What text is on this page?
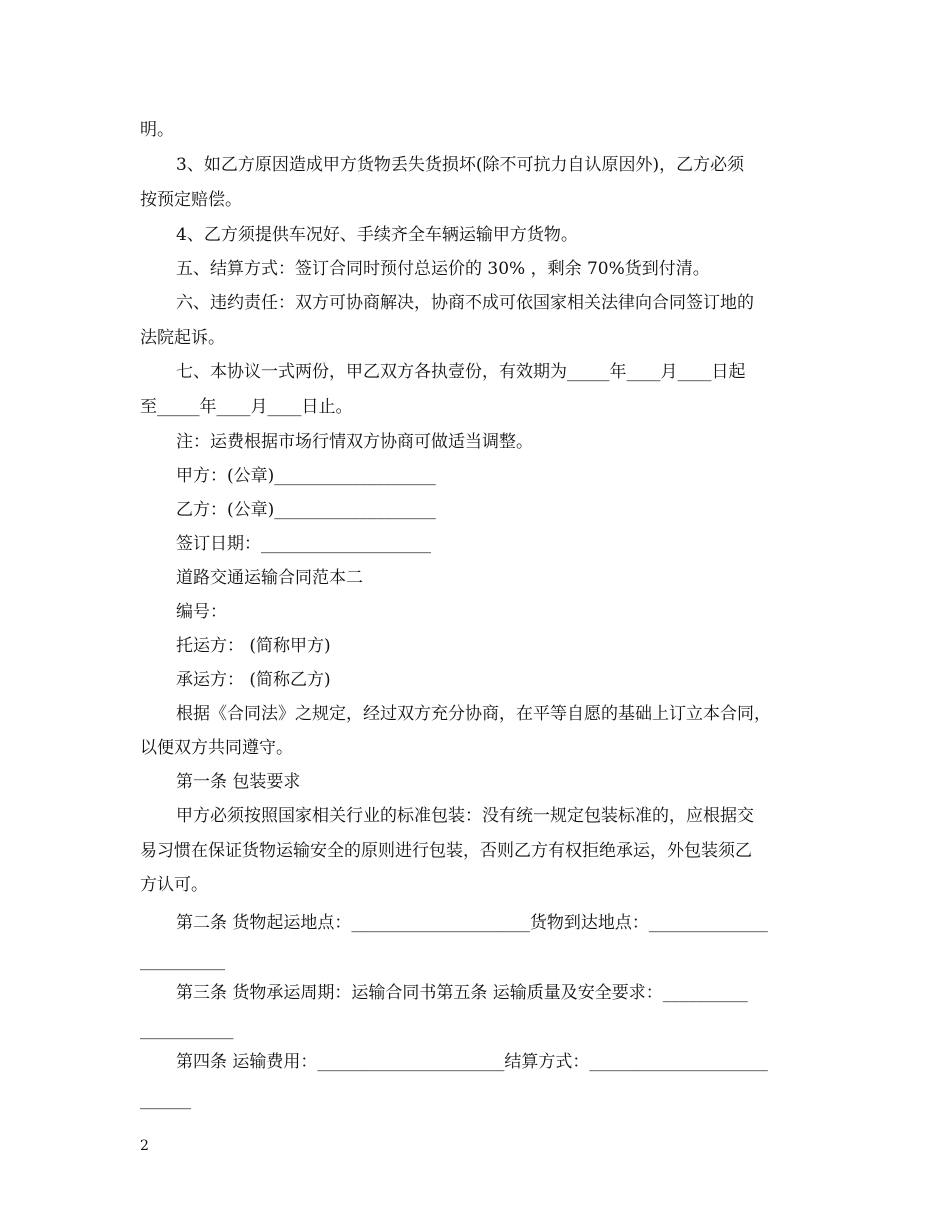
明。
3、如乙方原因造成甲方货物丢失货损坏(除不可抗力自认原因外)，乙方必须
按预定赔偿。
4、乙方须提供车况好、手续齐全车辆运输甲方货物。
五、结算方式：签订合同时预付总运价的 30% ，剩余 70%货到付清。
六、违约责任：双方可协商解决，协商不成可依国家相关法律向合同签订地的
法院起诉。
七、本协议一式两份，甲乙双方各执壹份，有效期为_____年____月____日起
至_____年____月____日止。
注：运费根据市场行情双方协商可做适当调整。
甲方：(公章)___________________
乙方：(公章)___________________
签订日期：____________________
道路交通运输合同范本二
编号：
托运方： (简称甲方)
承运方： (简称乙方)
根据《合同法》之规定，经过双方充分协商，在平等自愿的基础上订立本合同，
以便双方共同遵守。
第一条 包装要求
甲方必须按照国家相关行业的标准包装：没有统一规定包装标准的，应根据交
易习惯在保证货物运输安全的原则进行包装，否则乙方有权拒绝承运，外包装须乙
方认可。
第二条 货物起运地点：_____________________货物到达地点：______________
__________
第三条 货物承运周期：运输合同书第五条 运输质量及安全要求：__________
___________
第四条 运输费用：______________________结算方式：_____________________
______
2
